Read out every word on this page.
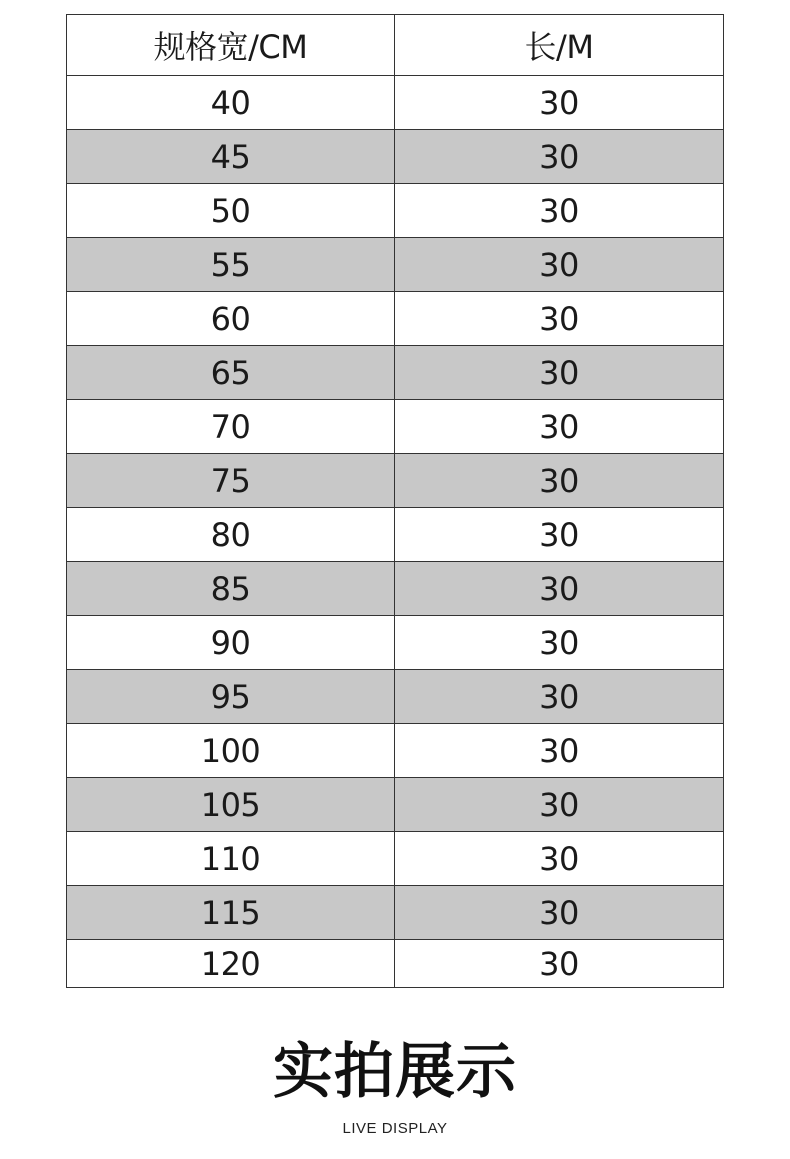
规格宽/CM	长/M
40	30
45	30
50	30
55	30
60	30
65	30
70	30
75	30
80	30
85	30
90	30
95	30
100	30
105	30
110	30
115	30
120	30
实拍展示
LIVE DISPLAY
